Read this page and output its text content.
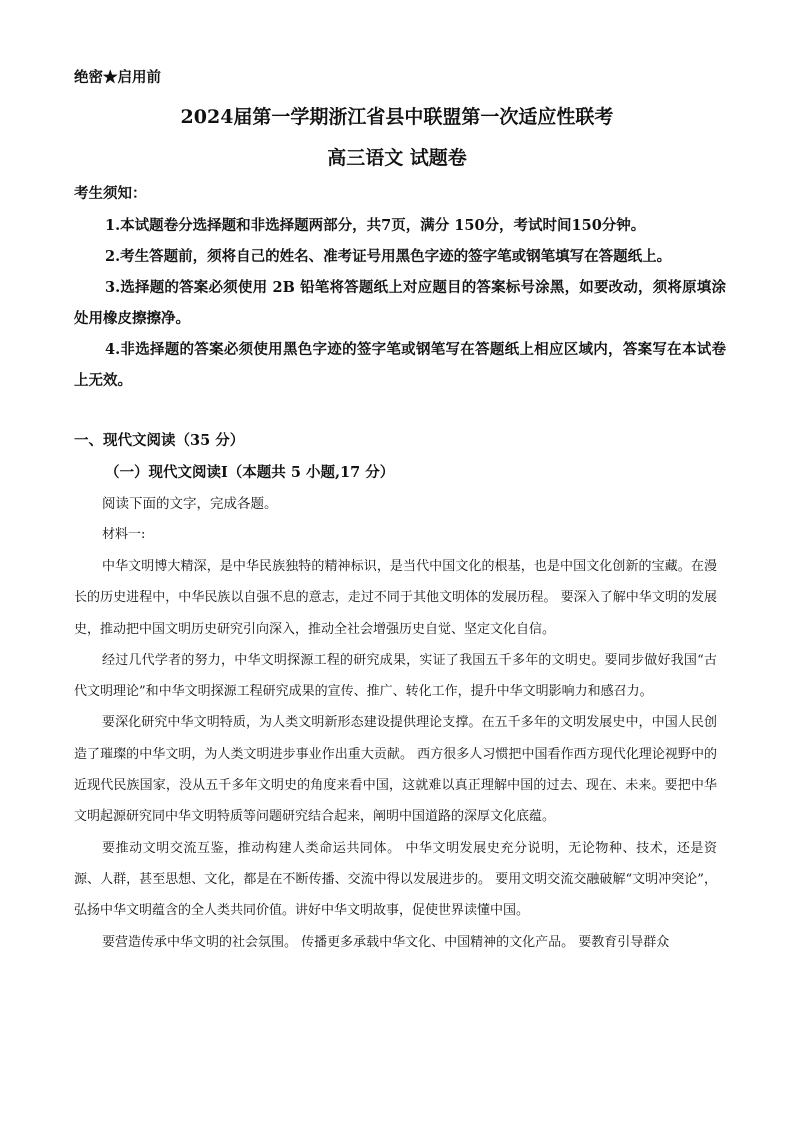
绝密★启用前
2024届第一学期浙江省县中联盟第一次适应性联考
高三语文 试题卷
考生须知：

1.本试题卷分选择题和非选择题两部分，共7页，满分 150分，考试时间150分钟。

2.考生答题前，须将自己的姓名、准考证号用黑色字迹的签字笔或钢笔填写在答题纸上。

3.选择题的答案必须使用 2B 铅笔将答题纸上对应题目的答案标号涂黑，如要改动，须将原填涂处用橡皮擦擦净。

4.非选择题的答案必须使用黑色字迹的签字笔或钢笔写在答题纸上相应区域内，答案写在本试卷上无效。

一、现代文阅读（35 分）
（一）现代文阅读Ⅰ（本题共 5 小题,17 分）
阅读下面的文字，完成各题。
材料一:

中华文明博大精深，是中华民族独特的精神标识，是当代中国文化的根基，也是中国文化创新的宝藏。在漫长的历史进程中，中华民族以自强不息的意志，走过不同于其他文明体的发展历程。 要深入了解中华文明的发展史，推动把中国文明历史研究引向深入，推动全社会增强历史自觉、坚定文化自信。

经过几代学者的努力，中华文明探源工程的研究成果，实证了我国五千多年的文明史。要同步做好我国“古代文明理论”和中华文明探源工程研究成果的宣传、推广、转化工作，提升中华文明影响力和感召力。

要深化研究中华文明特质，为人类文明新形态建设提供理论支撑。在五千多年的文明发展史中，中国人民创造了璀璨的中华文明，为人类文明进步事业作出重大贡献。 西方很多人习惯把中国看作西方现代化理论视野中的近现代民族国家，没从五千多年文明史的角度来看中国，这就难以真正理解中国的过去、现在、未来。要把中华文明起源研究同中华文明特质等问题研究结合起来，阐明中国道路的深厚文化底蕴。

要推动文明交流互鉴，推动构建人类命运共同体。 中华文明发展史充分说明，无论物种、技术，还是资源、人群，甚至思想、文化，都是在不断传播、交流中得以发展进步的。 要用文明交流交融破解“文明冲突论”，弘扬中华文明蕴含的全人类共同价值。讲好中华文明故事，促使世界读懂中国。

要营造传承中华文明的社会氛围。 传播更多承载中华文化、中国精神的文化产品。 要教育引导群众
